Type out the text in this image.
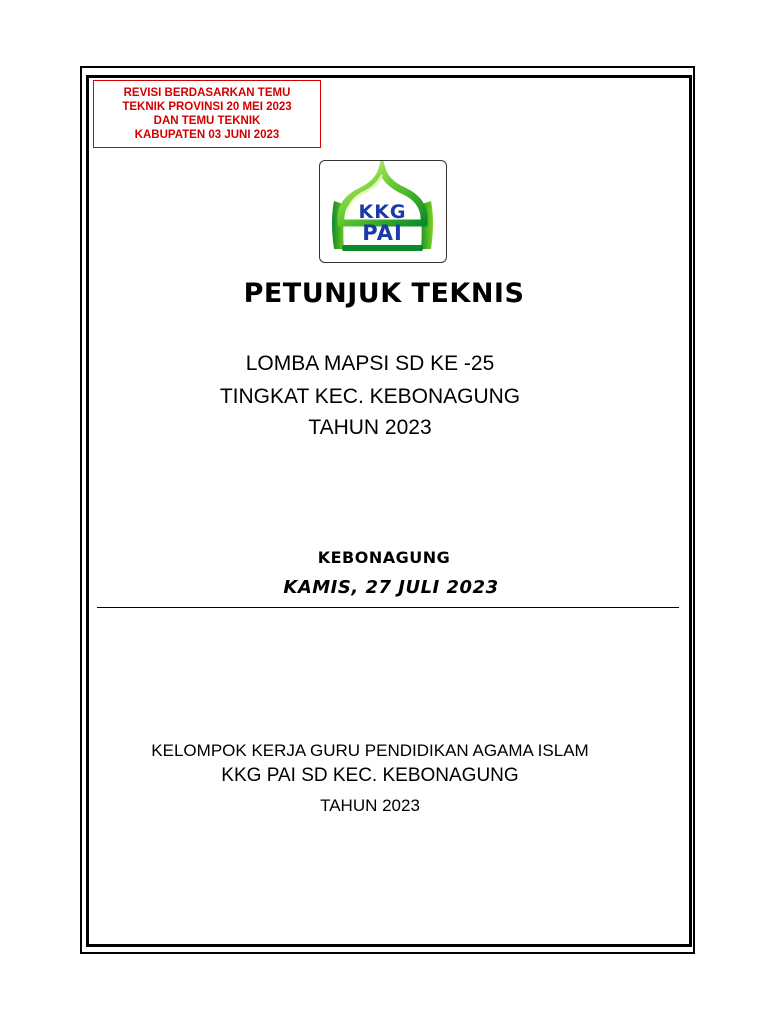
REVISI BERDASARKAN TEMU
TEKNIK PROVINSI 20 MEI 2023
DAN TEMU TEKNIK
KABUPATEN 03 JUNI 2023
KKG
PAI
PETUNJUK TEKNIS
LOMBA MAPSI SD KE -25
TINGKAT KEC. KEBONAGUNG
TAHUN 2023
KEBONAGUNG
KAMIS, 27 JULI 2023
KELOMPOK KERJA GURU PENDIDIKAN AGAMA ISLAM
KKG PAI SD KEC. KEBONAGUNG
TAHUN 2023
